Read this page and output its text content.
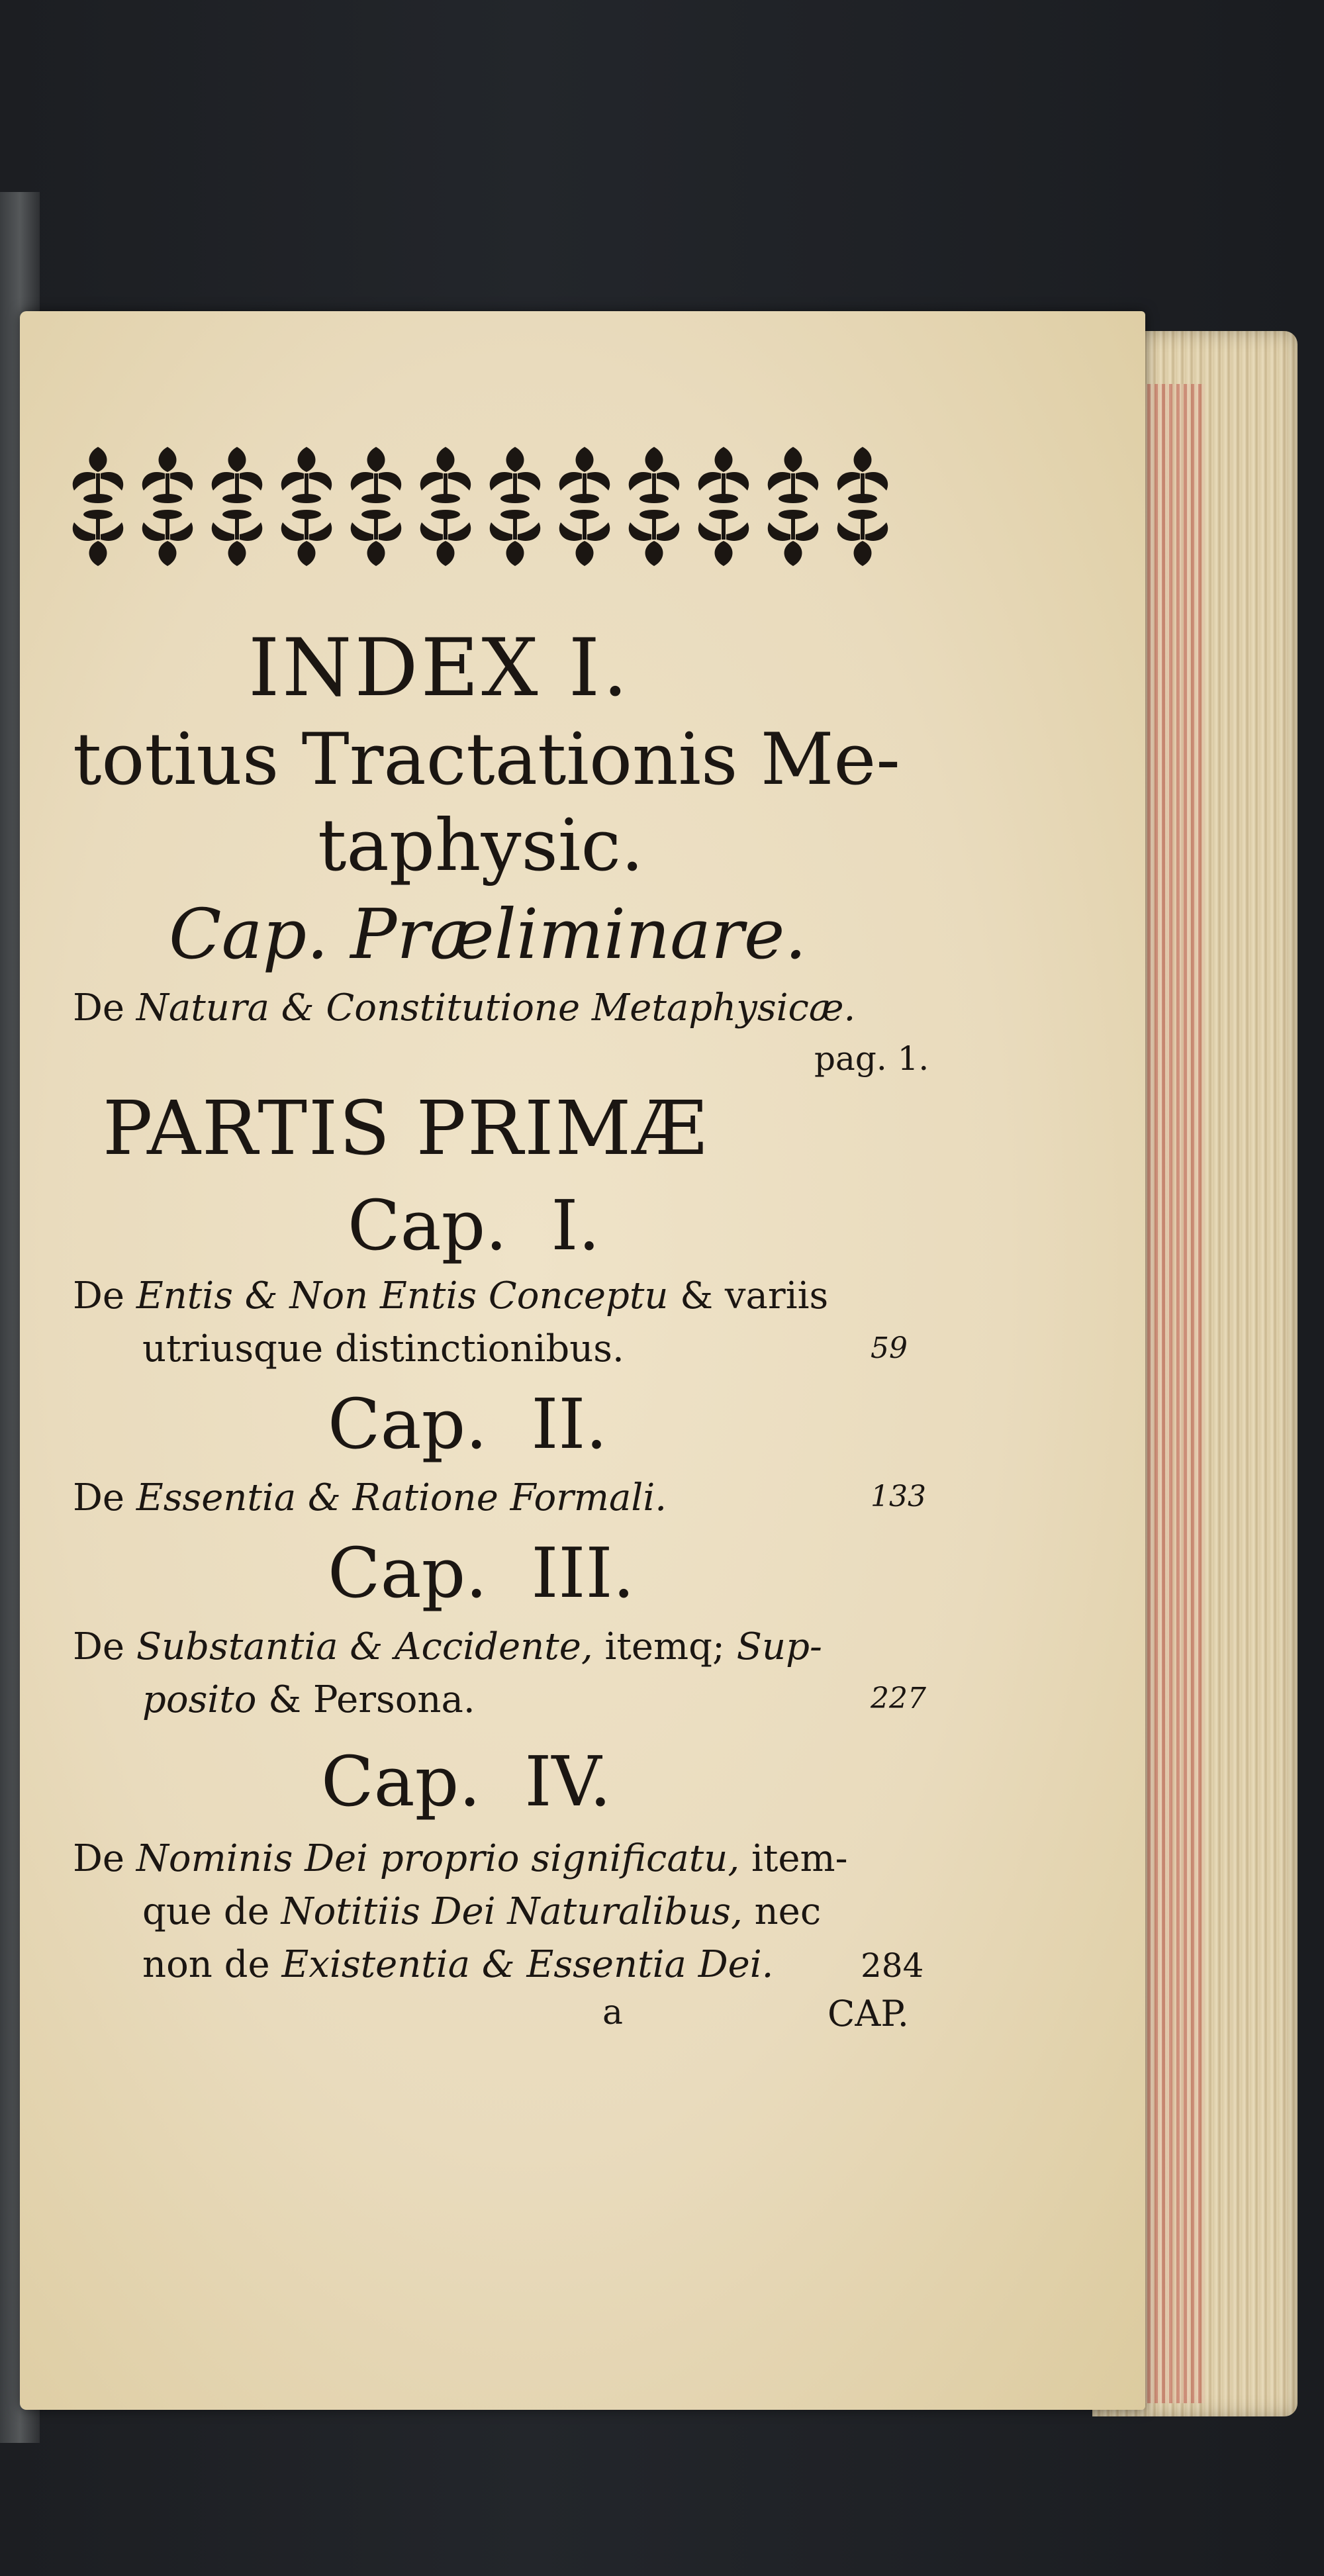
INDEX I.
totius Tractationis Me-
taphysic.
Cap. Præliminare.
De Natura & Constitutione Metaphysicæ.
pag. 1.
PARTIS PRIMÆ
Cap.  I.
De Entis & Non Entis Conceptu & variis
utriusque distinctionibus.	59
Cap.  II.
De Essentia & Ratione Formali.	133
Cap.  III.
De Substantia & Accidente, itemq; Sup-
posito & Persona.	227
Cap.  IV.
De Nominis Dei proprio significatu, item-
que de Notitiis Dei Naturalibus, nec
non de Existentia & Essentia Dei.	284
a	CAP.
